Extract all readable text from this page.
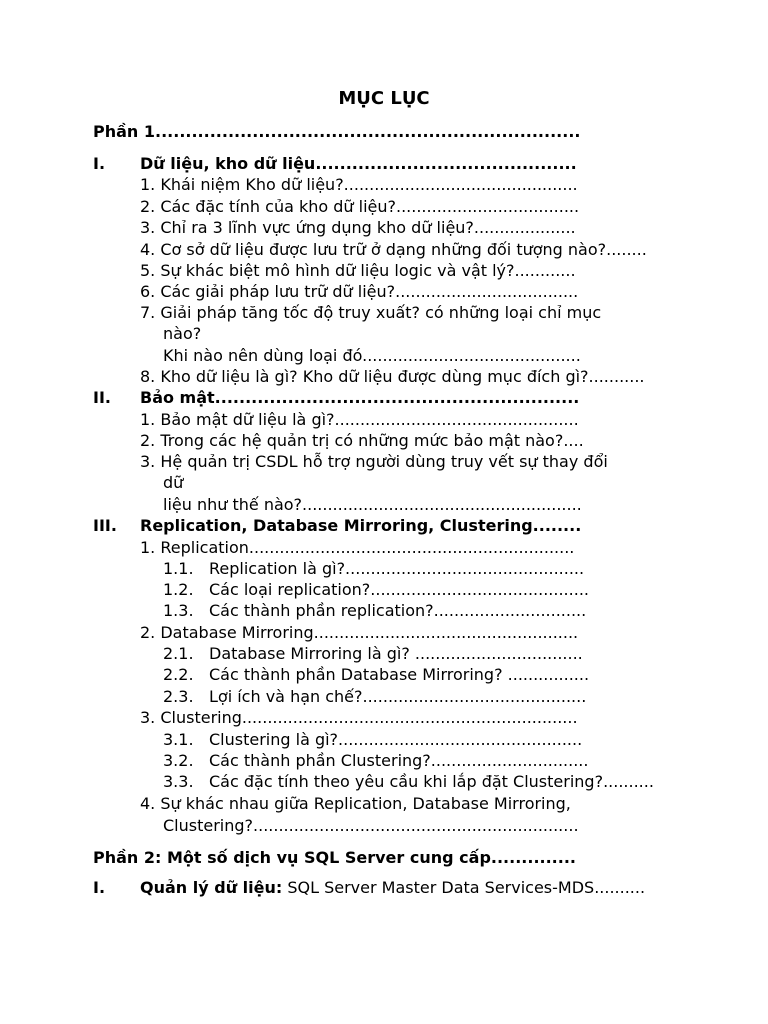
MỤC LỤC
Phần 1......................................................................
I. Dữ liệu, kho dữ liệu...........................................
1. Khái niệm Kho dữ liệu?..............................................
2. Các đặc tính của kho dữ liệu?....................................
3. Chỉ ra 3 lĩnh vực ứng dụng kho dữ liệu?....................
4. Cơ sở dữ liệu được lưu trữ ở dạng những đối tượng nào?........
5. Sự khác biệt mô hình dữ liệu logic và vật lý?............
6. Các giải pháp lưu trữ dữ liệu?....................................
7. Giải pháp tăng tốc độ truy xuất? có những loại chỉ mục
nào?
Khi nào nên dùng loại đó...........................................
8. Kho dữ liệu là gì? Kho dữ liệu được dùng mục đích gì?...........
II. Bảo mật............................................................
1. Bảo mật dữ liệu là gì?................................................
2. Trong các hệ quản trị có những mức bảo mật nào?....
3. Hệ quản trị CSDL hỗ trợ người dùng truy vết sự thay đổi
dữ
liệu như thế nào?.......................................................
III. Replication, Database Mirroring, Clustering........
1. Replication................................................................
1.1. Replication là gì?...............................................
1.2. Các loại replication?...........................................
1.3. Các thành phần replication?..............................
2. Database Mirroring....................................................
2.1. Database Mirroring là gì? .................................
2.2. Các thành phần Database Mirroring? ................
2.3. Lợi ích và hạn chế?............................................
3. Clustering..................................................................
3.1. Clustering là gì?................................................
3.2. Các thành phần Clustering?...............................
3.3. Các đặc tính theo yêu cầu khi lắp đặt Clustering?..........
4. Sự khác nhau giữa Replication, Database Mirroring,
Clustering?................................................................
Phần 2: Một số dịch vụ SQL Server cung cấp..............
I. Quản lý dữ liệu: SQL Server Master Data Services-MDS..........
